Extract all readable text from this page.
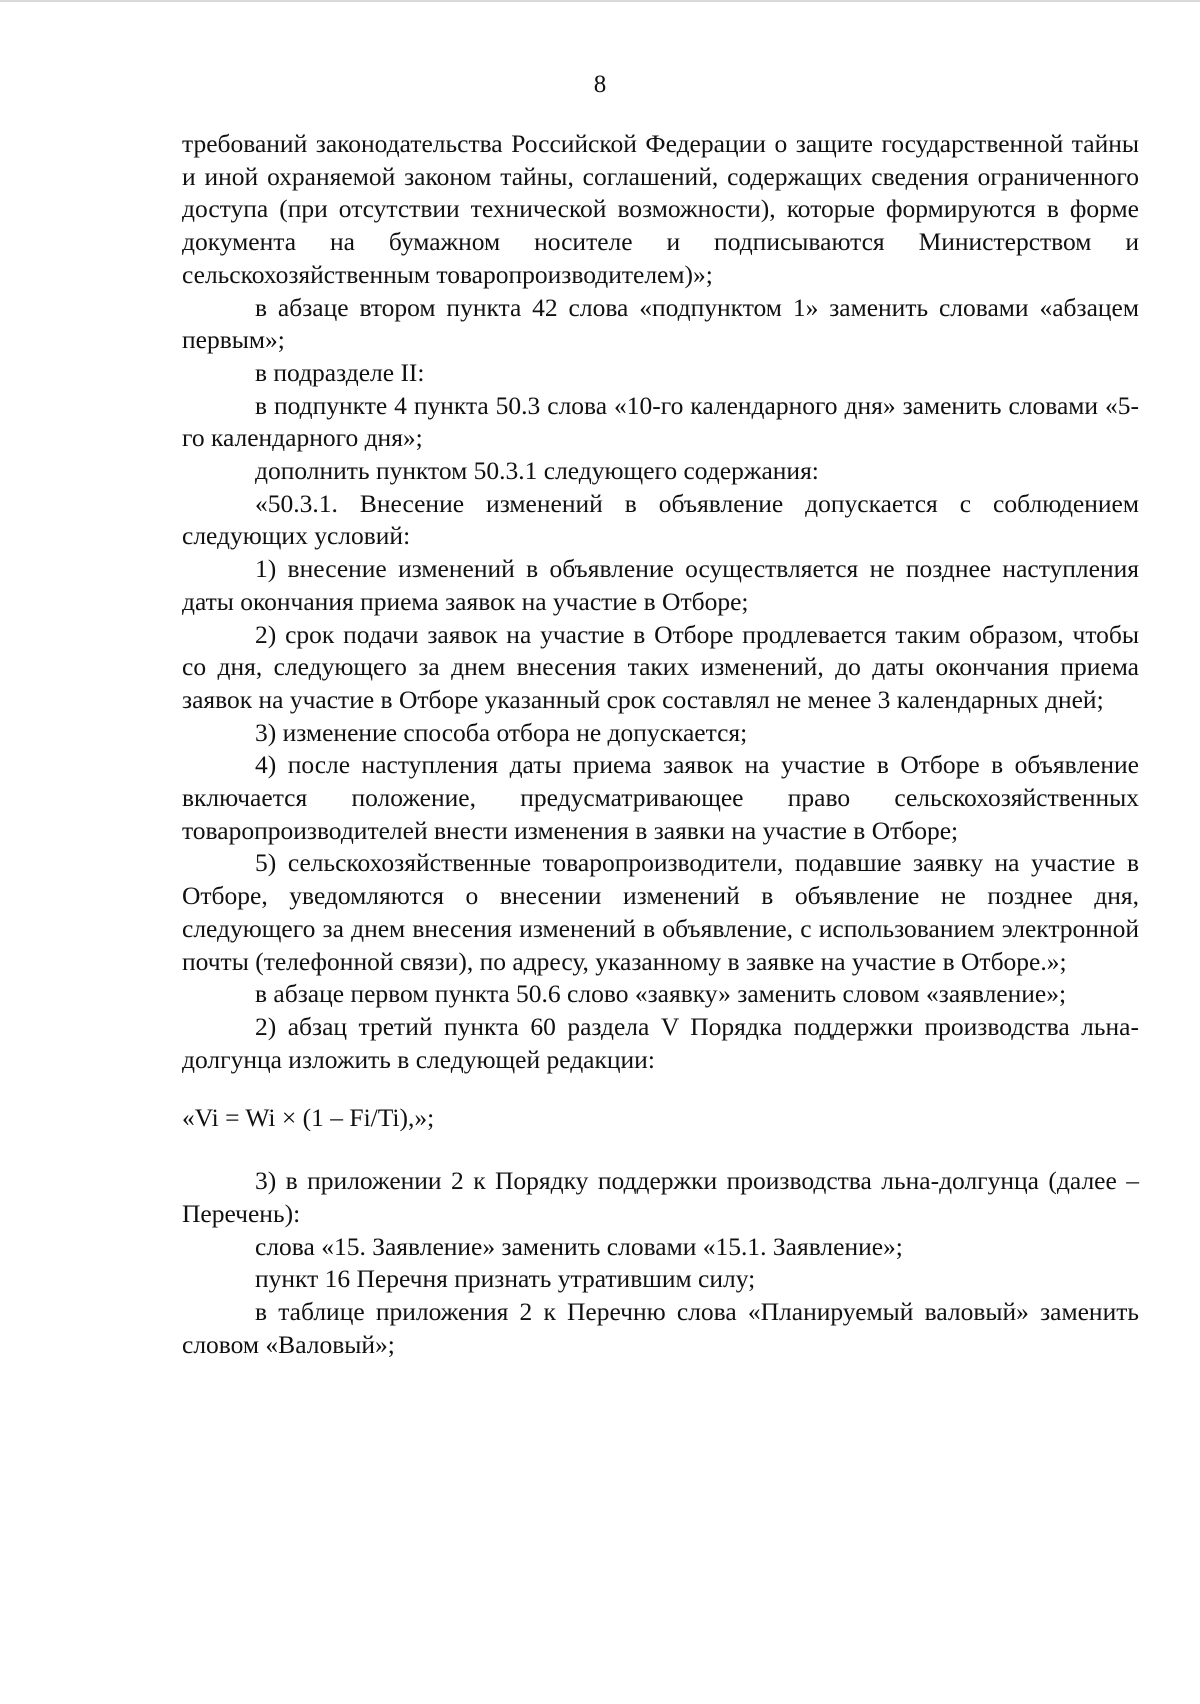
8

требований законодательства Российской Федерации о защите государственной тайны и иной охраняемой законом тайны, соглашений, содержащих сведения ограниченного доступа (при отсутствии технической возможности), которые формируются в форме документа на бумажном носителе и подписываются Министерством и сельскохозяйственным товаропроизводителем)»;

в абзаце втором пункта 42 слова «подпунктом 1» заменить словами «абзацем первым»;

в подразделе II:

в подпункте 4 пункта 50.3 слова «10-го календарного дня» заменить словами «5-го календарного дня»;

дополнить пунктом 50.3.1 следующего содержания:

«50.3.1. Внесение изменений в объявление допускается с соблюдением следующих условий:

1) внесение изменений в объявление осуществляется не позднее наступления даты окончания приема заявок на участие в Отборе;

2) срок подачи заявок на участие в Отборе продлевается таким образом, чтобы со дня, следующего за днем внесения таких изменений, до даты окончания приема заявок на участие в Отборе указанный срок составлял не менее 3 календарных дней;

3) изменение способа отбора не допускается;

4) после наступления даты приема заявок на участие в Отборе в объявление включается положение, предусматривающее право сельскохозяйственных товаропроизводителей внести изменения в заявки на участие в Отборе;

5) сельскохозяйственные товаропроизводители, подавшие заявку на участие в Отборе, уведомляются о внесении изменений в объявление не позднее дня, следующего за днем внесения изменений в объявление, с использованием электронной почты (телефонной связи), по адресу, указанному в заявке на участие в Отборе.»;

в абзаце первом пункта 50.6 слово «заявку» заменить словом «заявление»;

2) абзац третий пункта 60 раздела V Порядка поддержки производства льна-долгунца изложить в следующей редакции:

«Vi = Wi × (1 – Fi/Ti),»;

3) в приложении 2 к Порядку поддержки производства льна-долгунца (далее – Перечень):

слова «15. Заявление» заменить словами «15.1. Заявление»;

пункт 16 Перечня признать утратившим силу;

в таблице приложения 2 к Перечню слова «Планируемый валовый» заменить словом «Валовый»;
